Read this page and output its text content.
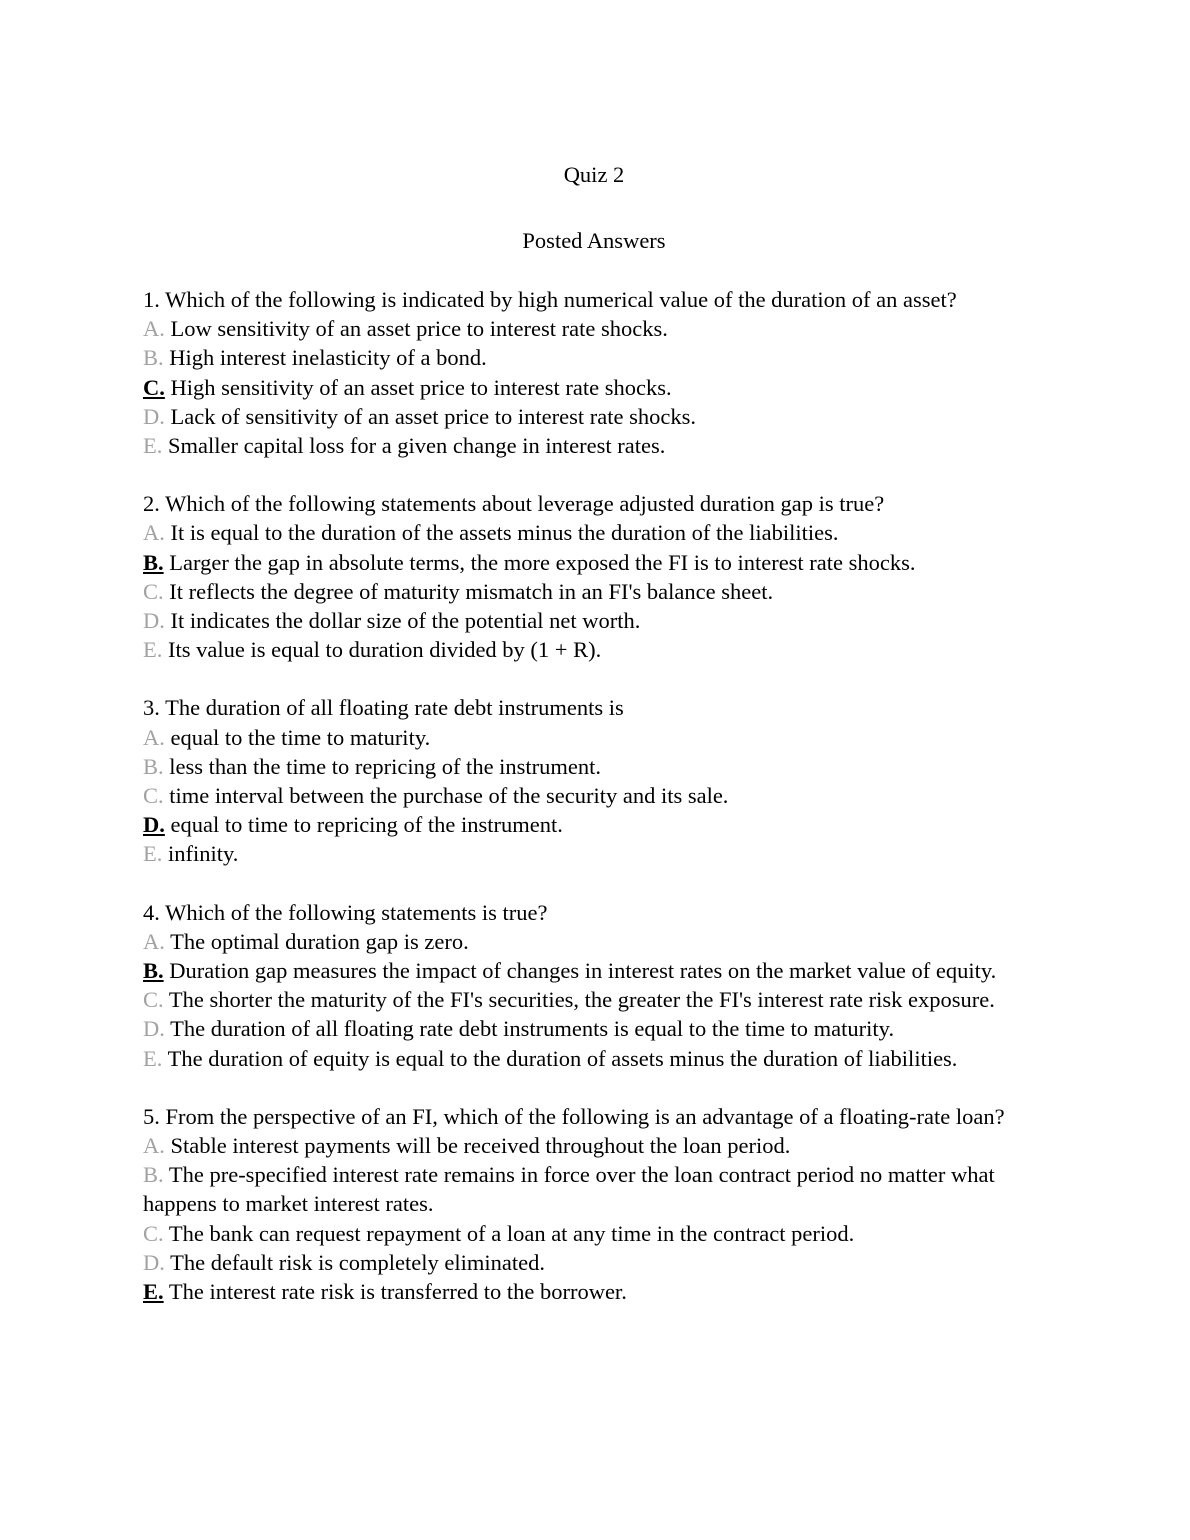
Quiz 2
Posted Answers
1. Which of the following is indicated by high numerical value of the duration of an asset?
A. Low sensitivity of an asset price to interest rate shocks.
B. High interest inelasticity of a bond.
C. High sensitivity of an asset price to interest rate shocks.
D. Lack of sensitivity of an asset price to interest rate shocks.
E. Smaller capital loss for a given change in interest rates.
2. Which of the following statements about leverage adjusted duration gap is true?
A. It is equal to the duration of the assets minus the duration of the liabilities.
B. Larger the gap in absolute terms, the more exposed the FI is to interest rate shocks.
C. It reflects the degree of maturity mismatch in an FI's balance sheet.
D. It indicates the dollar size of the potential net worth.
E. Its value is equal to duration divided by (1 + R).
3. The duration of all floating rate debt instruments is
A. equal to the time to maturity.
B. less than the time to repricing of the instrument.
C. time interval between the purchase of the security and its sale.
D. equal to time to repricing of the instrument.
E. infinity.
4. Which of the following statements is true?
A. The optimal duration gap is zero.
B. Duration gap measures the impact of changes in interest rates on the market value of equity.
C. The shorter the maturity of the FI's securities, the greater the FI's interest rate risk exposure.
D. The duration of all floating rate debt instruments is equal to the time to maturity.
E. The duration of equity is equal to the duration of assets minus the duration of liabilities.
5. From the perspective of an FI, which of the following is an advantage of a floating-rate loan?
A. Stable interest payments will be received throughout the loan period.
B. The pre-specified interest rate remains in force over the loan contract period no matter what happens to market interest rates.
C. The bank can request repayment of a loan at any time in the contract period.
D. The default risk is completely eliminated.
E. The interest rate risk is transferred to the borrower.
